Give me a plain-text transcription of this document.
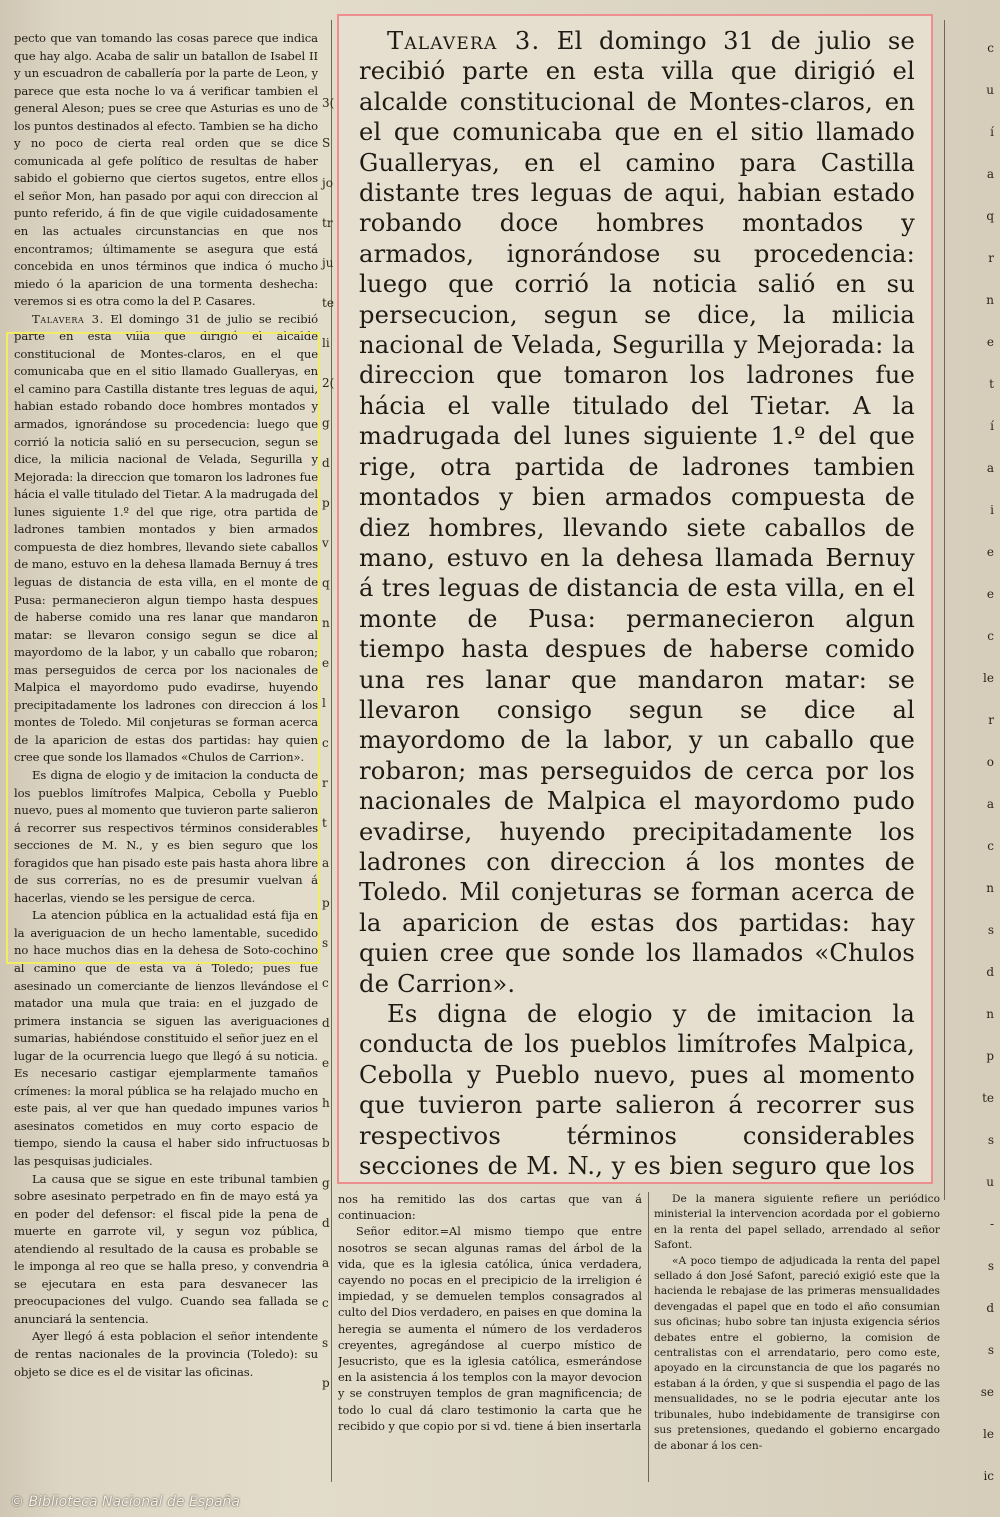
pecto que van tomando las cosas parece que indica que hay algo. Acaba de salir un batallon de Isabel II y un escuadron de caballería por la parte de Leon, y parece que esta noche lo va á verificar tambien el general Aleson; pues se cree que Asturias es uno de los puntos destinados al efecto. Tambien se ha dicho y no poco de cierta real orden que se dice comunicada al gefe político de resultas de haber sabido el gobierno que ciertos sugetos, entre ellos el señor Mon, han pasado por aqui con direccion al punto referido, á fin de que vigile cuidadosamente en las actuales circunstancias en que nos encontramos; últimamente se asegura que está concebida en unos términos que indica ó mucho miedo ó la aparicion de una tormenta deshecha: veremos si es otra como la del P. Casares.

Talavera 3. El domingo 31 de julio se recibió parte en esta villa que dirigió el alcalde constitucional de Montes-claros, en el que comunicaba que en el sitio llamado Gualleryas, en el camino para Castilla distante tres leguas de aqui, habian estado robando doce hombres montados y armados, ignorándose su procedencia: luego que corrió la noticia salió en su persecucion, segun se dice, la milicia nacional de Velada, Segurilla y Mejorada: la direccion que tomaron los ladrones fue hácia el valle titulado del Tietar. A la madrugada del lunes siguiente 1.º del que rige, otra partida de ladrones tambien montados y bien armados compuesta de diez hombres, llevando siete caballos de mano, estuvo en la dehesa llamada Bernuy á tres leguas de distancia de esta villa, en el monte de Pusa: permanecieron algun tiempo hasta despues de haberse comido una res lanar que mandaron matar: se llevaron consigo segun se dice al mayordomo de la labor, y un caballo que robaron; mas perseguidos de cerca por los nacionales de Malpica el mayordomo pudo evadirse, huyendo precipitadamente los ladrones con direccion á los montes de Toledo. Mil conjeturas se forman acerca de la aparicion de estas dos partidas: hay quien cree que sonde los llamados «Chulos de Carrion».

Es digna de elogio y de imitacion la conducta de los pueblos limítrofes Malpica, Cebolla y Pueblo nuevo, pues al momento que tuvieron parte salieron á recorrer sus respectivos términos considerables secciones de M. N., y es bien seguro que los foragidos que han pisado este pais hasta ahora libre de sus correrías, no es de presumir vuelvan á hacerlas, viendo se les persigue de cerca.

La atencion pública en la actualidad está fija en la averiguacion de un hecho lamentable, sucedido no hace muchos dias en la dehesa de Soto-cochino al camino que de esta va á Toledo; pues fue asesinado un comerciante de lienzos llevándose el matador una mula que traia: en el juzgado de primera instancia se siguen las averiguaciones sumarias, habiéndose constituido el señor juez en el lugar de la ocurrencia luego que llegó á su noticia. Es necesario castigar ejemplarmente tamaños crímenes: la moral pública se ha relajado mucho en este pais, al ver que han quedado impunes varios asesinatos cometidos en muy corto espacio de tiempo, siendo la causa el haber sido infructuosas las pesquisas judiciales.

La causa que se sigue en este tribunal tambien sobre asesinato perpetrado en fin de mayo está ya en poder del defensor: el fiscal pide la pena de muerte en garrote vil, y segun voz pública, atendiendo al resultado de la causa es probable se le imponga al reo que se halla preso, y convendria se ejecutara en esta para desvanecer las preocupaciones del vulgo. Cuando sea fallada se anunciará la sentencia.

Ayer llegó á esta poblacion el señor intendente de rentas nacionales de la provincia (Toledo): su objeto se dice es el de visitar las oficinas.

3(
S
jo
tr
ju
te
li
2(
g
d
p
v
q
n
e
l
c
r
t
a
p
s
c
d
e
h
b
g
d
a
c
s
p
c
u
í
a
q
r
n
e
t
í
a
i
e
e
c
le
r
o
a
c
n
s
d
n
p
te
s
u
-
s
d
s
se
le
ic

Talavera 3. El domingo 31 de julio se recibió parte en esta villa que dirigió el alcalde constitucional de Montes-claros, en el que comunicaba que en el sitio llamado Gualleryas, en el camino para Castilla distante tres leguas de aqui, habian estado robando doce hombres montados y armados, ignorándose su procedencia: luego que corrió la noticia salió en su persecucion, segun se dice, la milicia nacional de Velada, Segurilla y Mejorada: la direccion que tomaron los ladrones fue hácia el valle titulado del Tietar. A la madrugada del lunes siguiente 1.º del que rige, otra partida de ladrones tambien montados y bien armados compuesta de diez hombres, llevando siete caballos de mano, estuvo en la dehesa llamada Bernuy á tres leguas de distancia de esta villa, en el monte de Pusa: permanecieron algun tiempo hasta despues de haberse comido una res lanar que mandaron matar: se llevaron consigo segun se dice al mayordomo de la labor, y un caballo que robaron; mas perseguidos de cerca por los nacionales de Malpica el mayordomo pudo evadirse, huyendo precipitadamente los ladrones con direccion á los montes de Toledo. Mil conjeturas se forman acerca de la aparicion de estas dos partidas: hay quien cree que sonde los llamados «Chulos de Carrion».

Es digna de elogio y de imitacion la conducta de los pueblos limítrofes Malpica, Cebolla y Pueblo nuevo, pues al momento que tuvieron parte salieron á recorrer sus respectivos términos considerables secciones de M. N., y es bien seguro que los

nos ha remitido las dos cartas que van á continuacion:

Señor editor.=Al mismo tiempo que entre nosotros se secan algunas ramas del árbol de la vida, que es la iglesia católica, única verdadera, cayendo no pocas en el precipicio de la irreligion é impiedad, y se demuelen templos consagrados al culto del Dios verdadero, en paises en que domina la heregia se aumenta el número de los verdaderos creyentes, agregándose al cuerpo místico de Jesucristo, que es la iglesia católica, esmerándose en la asistencia á los templos con la mayor devocion y se construyen templos de gran magnificencia; de todo lo cual dá claro testimonio la carta que he recibido y que copio por si vd. tiene á bien insertarla

De la manera siguiente refiere un periódico ministerial la intervencion acordada por el gobierno en la renta del papel sellado, arrendado al señor Safont.

«A poco tiempo de adjudicada la renta del papel sellado á don José Safont, pareció exigió este que la hacienda le rebajase de las primeras mensualidades devengadas el papel que en todo el año consumian sus oficinas; hubo sobre tan injusta exigencia sérios debates entre el gobierno, la comision de centralistas con el arrendatario, pero como este, apoyado en la circunstancia de que los pagarés no estaban á la órden, y que si suspendia el pago de las mensualidades, no se le podria ejecutar ante los tribunales, hubo indebidamente de transigirse con sus pretensiones, quedando el gobierno encargado de abonar á los cen-

© Biblioteca Nacional de España
